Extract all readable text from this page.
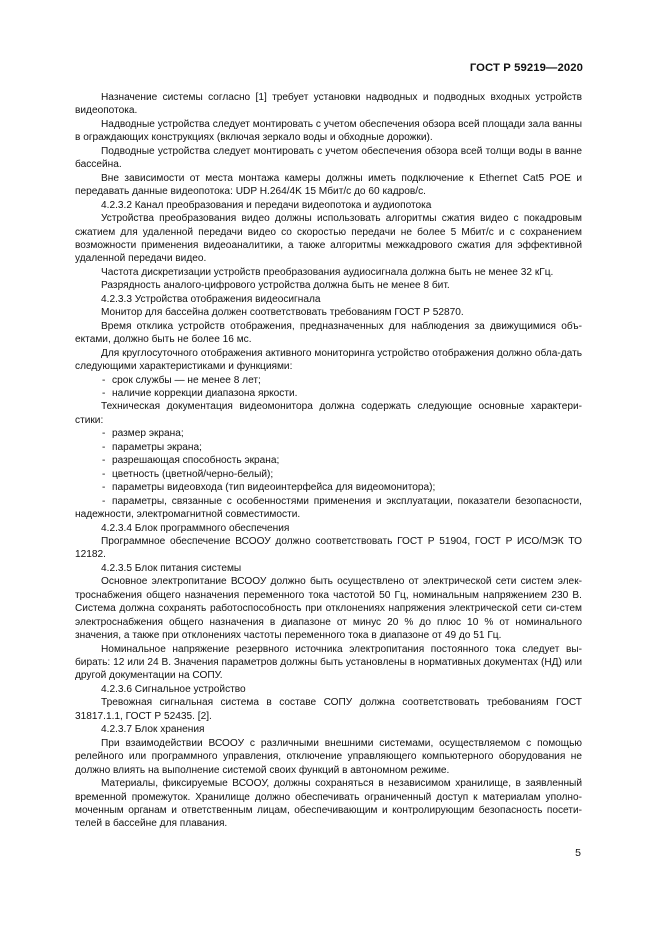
ГОСТ Р 59219—2020

Назначение системы согласно [1] требует установки надводных и подводных входных устройств видеопотока.

Надводные устройства следует монтировать с учетом обеспечения обзора всей площади зала ванны в ограждающих конструкциях (включая зеркало воды и обходные дорожки).

Подводные устройства следует монтировать с учетом обеспечения обзора всей толщи воды в ванне бассейна.

Вне зависимости от места монтажа камеры должны иметь подключение к Ethernet Cat5 POE и передавать данные видеопотока: UDP H.264/4K 15 Мбит/с до 60 кадров/с.

4.2.3.2 Канал преобразования и передачи видеопотока и аудиопотока

Устройства преобразования видео должны использовать алгоритмы сжатия видео с покадровым сжатием для удаленной передачи видео со скоростью передачи не более 5 Мбит/с и с сохранением возможности применения видеоаналитики, а также алгоритмы межкадрового сжатия для эффективной удаленной передачи видео.

Частота дискретизации устройств преобразования аудиосигнала должна быть не менее 32 кГц.

Разрядность аналого-цифрового устройства должна быть не менее 8 бит.

4.2.3.3 Устройства отображения видеосигнала

Монитор для бассейна должен соответствовать требованиям ГОСТ Р 52870.

Время отклика устройств отображения, предназначенных для наблюдения за движущимися объ-ектами, должно быть не более 16 мс.

Для круглосуточного отображения активного мониторинга устройство отображения должно обла-дать следующими характеристиками и функциями:

- срок службы — не менее 8 лет;
- наличие коррекции диапазона яркости.

Техническая документация видеомонитора должна содержать следующие основные характери-стики:

- размер экрана;
- параметры экрана;
- разрешающая способность экрана;
- цветность (цветной/черно-белый);
- параметры видеовхода (тип видеоинтерфейса для видеомонитора);

- параметры, связанные с особенностями применения и эксплуатации, показатели безопасности, надежности, электромагнитной совместимости.

4.2.3.4 Блок программного обеспечения

Программное обеспечение ВСООУ должно соответствовать ГОСТ Р 51904, ГОСТ Р ИСО/МЭК ТО 12182.

4.2.3.5 Блок питания системы

Основное электропитание ВСООУ должно быть осуществлено от электрической сети систем элек-троснабжения общего назначения переменного тока частотой 50 Гц, номинальным напряжением 230 В. Система должна сохранять работоспособность при отклонениях напряжения электрической сети си-стем электроснабжения общего назначения в диапазоне от минус 20 % до плюс 10 % от номинального значения, а также при отклонениях частоты переменного тока в диапазоне от 49 до 51 Гц.

Номинальное напряжение резервного источника электропитания постоянного тока следует вы-бирать: 12 или 24 В. Значения параметров должны быть установлены в нормативных документах (НД) или другой документации на СОПУ.

4.2.3.6 Сигнальное устройство

Тревожная сигнальная система в составе СОПУ должна соответствовать требованиям ГОСТ 31817.1.1, ГОСТ Р 52435. [2].

4.2.3.7 Блок хранения

При взаимодействии ВСООУ с различными внешними системами, осуществляемом с помощью релейного или программного управления, отключение управляющего компьютерного оборудования не должно влиять на выполнение системой своих функций в автономном режиме.

Материалы, фиксируемые ВСООУ, должны сохраняться в независимом хранилище, в заявленный временной промежуток. Хранилище должно обеспечивать ограниченный доступ к материалам уполно-моченным органам и ответственным лицам, обеспечивающим и контролирующим безопасность посети-телей в бассейне для плавания.

5
